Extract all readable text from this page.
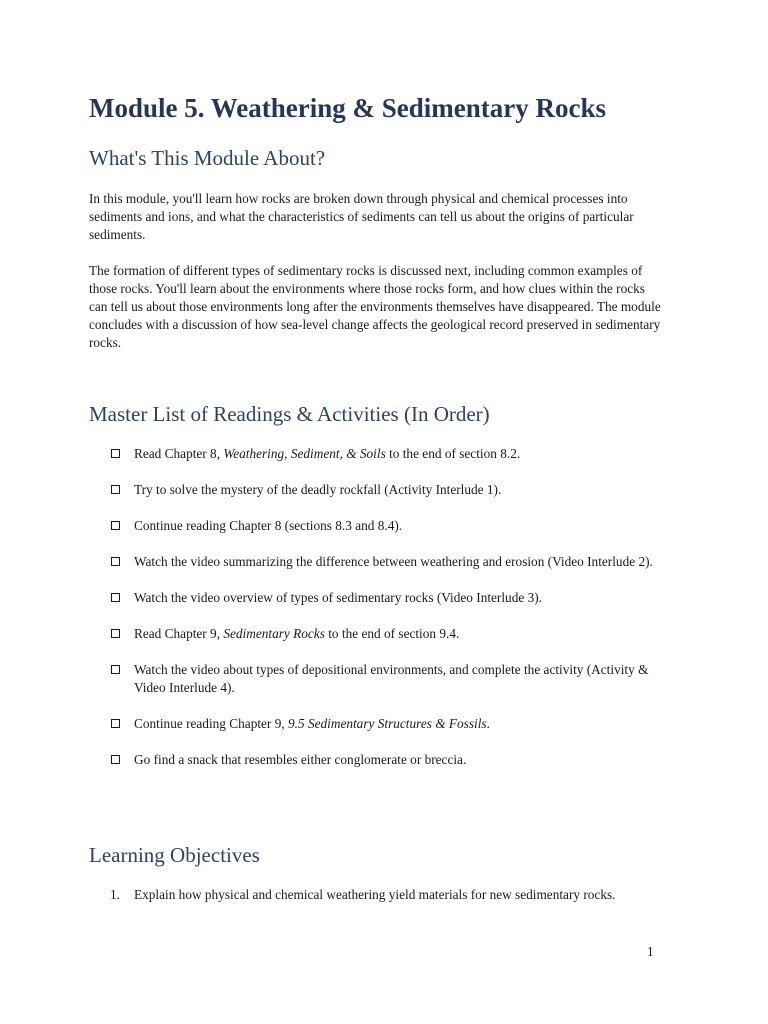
Module 5. Weathering & Sedimentary Rocks
What's This Module About?

In this module, you'll learn how rocks are broken down through physical and chemical processes into sediments and ions, and what the characteristics of sediments can tell us about the origins of particular sediments.

The formation of different types of sedimentary rocks is discussed next, including common examples of those rocks. You'll learn about the environments where those rocks form, and how clues within the rocks can tell us about those environments long after the environments themselves have disappeared. The module concludes with a discussion of how sea-level change affects the geological record preserved in sedimentary rocks.

Master List of Readings & Activities (In Order)
Read Chapter 8, Weathering, Sediment, & Soils to the end of section 8.2.
Try to solve the mystery of the deadly rockfall (Activity Interlude 1).
Continue reading Chapter 8 (sections 8.3 and 8.4).
Watch the video summarizing the difference between weathering and erosion (Video Interlude 2).
Watch the video overview of types of sedimentary rocks (Video Interlude 3).
Read Chapter 9, Sedimentary Rocks to the end of section 9.4.
Watch the video about types of depositional environments, and complete the activity (Activity & Video Interlude 4).
Continue reading Chapter 9, 9.5 Sedimentary Structures & Fossils.
Go find a snack that resembles either conglomerate or breccia.
Learning Objectives
1. Explain how physical and chemical weathering yield materials for new sedimentary rocks.
1
